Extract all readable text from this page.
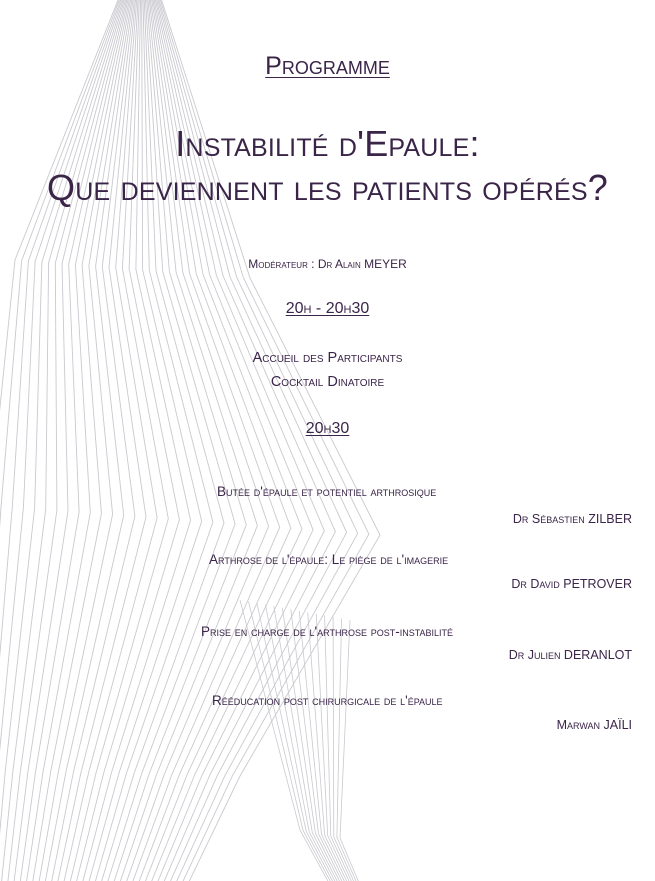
Programme
Instabilité d'Epaule:
Que deviennent les patients opérés?
Modérateur : Dr Alain MEYER
20h - 20h30
Accueil des Participants
Cocktail Dinatoire
20h30
Butée d'épaule et potentiel arthrosique
Dr Sébastien ZILBER
Arthrose de l'épaule: Le piège de l'imagerie
Dr David PETROVER
Prise en charge de l'arthrose post-instabilité
Dr Julien DERANLOT
Rééducation post chirurgicale de l'épaule
Marwan JAÏLI
